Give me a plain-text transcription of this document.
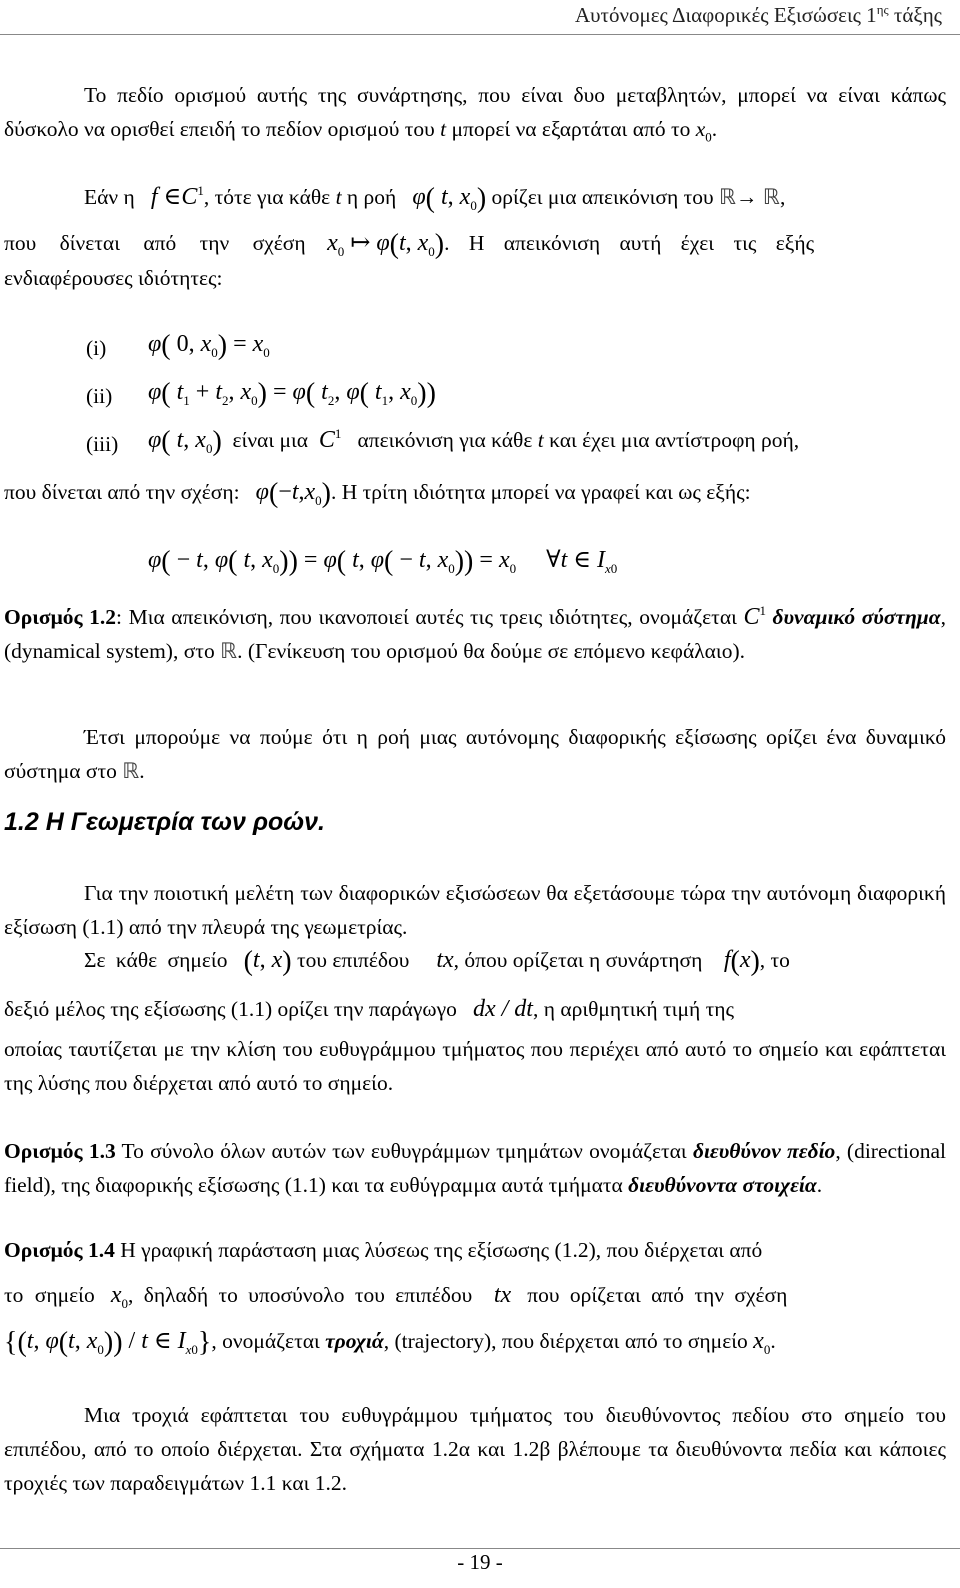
Αυτόνομες Διαφορικές Εξισώσεις $1^{\eta\varsigma}$ τάξης
Το πεδίο ορισμού αυτής της συνάρτησης, που είναι δυο μεταβλητών, μπορεί να είναι κάπως δύσκολο να ορισθεί επειδή το πεδίον ορισμού του t μπορεί να εξαρτάται από το $x_0$.
Εάν η f $\in C^1$, τότε για κάθε t η ροή φ( t, $x_0$) ορίζει μια απεικόνιση του ℝ→ ℝ,
που δίνεται από την σχέση $x_0$ ↦ φ(t, $x_0$). Η απεικόνιση αυτή έχει τις εξής
ενδιαφέρουσες ιδιότητες:
(i) φ( 0, $x_0) = x_0$
(ii) φ( $t_1 + t_2$, $x_0) = \varphi$( $t_2$, φ( $t_1$, $x_0$))
(iii) φ( t, $x_0$) είναι μια $C^1$ απεικόνιση για κάθε t και έχει μια αντίστροφη ροή,
που δίνεται από την σχέση: $\varphi(-t,x_0)$. Η τρίτη ιδιότητα μπορεί να γραφεί και ως εξής:
φ( − t, φ( t, $x_0)) = \varphi$( t, φ( − t, $x_0)) = x_0$ ∀t ∈ $I_{x0}$
Ορισμός 1.2: Μια απεικόνιση, που ικανοποιεί αυτές τις τρεις ιδιότητες, ονομάζεται $C^1$ δυναμικό σύστημα, (dynamical system), στο ℝ. (Γενίκευση του ορισμού θα δούμε σε επόμενο κεφάλαιο).
Έτσι μπορούμε να πούμε ότι η ροή μιας αυτόνομης διαφορικής εξίσωσης ορίζει ένα δυναμικό σύστημα στο ℝ.
1.2 Η Γεωμετρία των ροών.
Για την ποιοτική μελέτη των διαφορικών εξισώσεων θα εξετάσουμε τώρα την αυτόνομη διαφορική εξίσωση (1.1) από την πλευρά της γεωμετρίας.
Σε κάθε σημείο (t, x) του επιπέδου tx, όπου ορίζεται η συνάρτηση f(x), το
δεξιό μέλος της εξίσωσης (1.1) ορίζει την παράγωγο dx / dt, η αριθμητική τιμή της
οποίας ταυτίζεται με την κλίση του ευθυγράμμου τμήματος που περιέχει από αυτό το σημείο και εφάπτεται της λύσης που διέρχεται από αυτό το σημείο.
Ορισμός 1.3 Το σύνολο όλων αυτών των ευθυγράμμων τμημάτων ονομάζεται διευθύνον πεδίο, (directional field), της διαφορικής εξίσωσης (1.1) και τα ευθύγραμμα αυτά τμήματα διευθύνοντα στοιχεία.
Ορισμός 1.4 Η γραφική παράσταση μιας λύσεως της εξίσωσης (1.2), που διέρχεται από
το σημείο $x_0$, δηλαδή το υποσύνολο του επιπέδου tx που ορίζεται από την σχέση
{(t, φ(t, $x_0$)) / t ∈ $I_{x0}$}, ονομάζεται τροχιά, (trajectory), που διέρχεται από το σημείο $x_0$.
Μια τροχιά εφάπτεται του ευθυγράμμου τμήματος του διευθύνοντος πεδίου στο σημείο του επιπέδου, από το οποίο διέρχεται. Στα σχήματα 1.2α και 1.2β βλέπουμε τα διευθύνοντα πεδία και κάποιες τροχιές των παραδειγμάτων 1.1 και 1.2.
- 19 -
